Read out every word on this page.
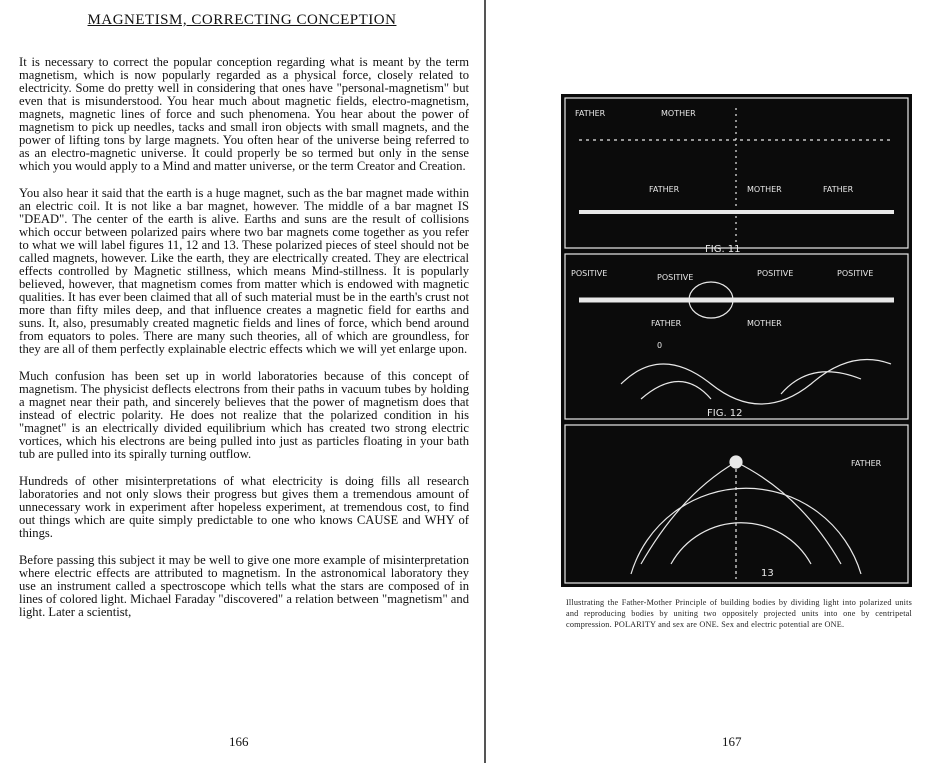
MAGNETISM, CORRECTING CONCEPTION

It is necessary to correct the popular conception regarding what is meant by the term magnetism, which is now popularly regarded as a physical force, closely related to electricity. Some do pretty well in considering that ones have "personal-magnetism" but even that is misunderstood. You hear much about magnetic fields, electro-magnetism, magnets, magnetic lines of force and such phenomena. You hear about the power of magnetism to pick up needles, tacks and small iron objects with small magnets, and the power of lifting tons by large magnets. You often hear of the universe being referred to as an electro-magnetic universe. It could properly be so termed but only in the sense which you would apply to a Mind and matter universe, or the term Creator and Creation.

You also hear it said that the earth is a huge magnet, such as the bar magnet made within an electric coil. It is not like a bar magnet, however. The middle of a bar magnet IS "DEAD". The center of the earth is alive. Earths and suns are the result of collisions which occur between polarized pairs where two bar magnets come together as you refer to what we will label figures 11, 12 and 13. These polarized pieces of steel should not be called magnets, however. Like the earth, they are electrically created. They are electrical effects controlled by Magnetic stillness, which means Mind-stillness. It is popularly believed, however, that magnetism comes from matter which is endowed with magnetic qualities. It has ever been claimed that all of such material must be in the earth's crust not more than fifty miles deep, and that influence creates a magnetic field for earths and suns. It, also, presumably created magnetic fields and lines of force, which bend around from equators to poles. There are many such theories, all of which are groundless, for they are all of them perfectly explainable electric effects which we will yet enlarge upon.

Much confusion has been set up in world laboratories because of this concept of magnetism. The physicist deflects electrons from their paths in vacuum tubes by holding a magnet near their path, and sincerely believes that the power of magnetism does that instead of electric polarity. He does not realize that the polarized condition in his "magnet" is an electrically divided equilibrium which has created two strong electric vortices, which his electrons are being pulled into just as particles floating in your bath tub are pulled into its spirally turning outflow.

Hundreds of other misinterpretations of what electricity is doing fills all research laboratories and not only slows their progress but gives them a tremendous amount of unnecessary work in experiment after hopeless experiment, at tremendous cost, to find out things which are quite simply predictable to one who knows CAUSE and WHY of things.

Before passing this subject it may be well to give one more example of misinterpretation where electric effects are attributed to magnetism. In the astronomical laboratory they use an instrument called a spectroscope which tells what the stars are composed of in lines of colored light. Michael Faraday "discovered" a relation between "magnetism" and light. Later a scientist,

166
FATHER	MOTHER
FATHER	MOTHER	FATHER
FIG. 11
POSITIVE	POSITIVE	POSITIVE	POSITIVE
FATHER	MOTHER
0
FIG. 12
FATHER
13
Illustrating the Father-Mother Principle of building bodies by dividing light into polarized units and reproducing bodies by uniting two oppositely projected units into one by centripetal compression. POLARITY and sex are ONE. Sex and electric potential are ONE.
167
